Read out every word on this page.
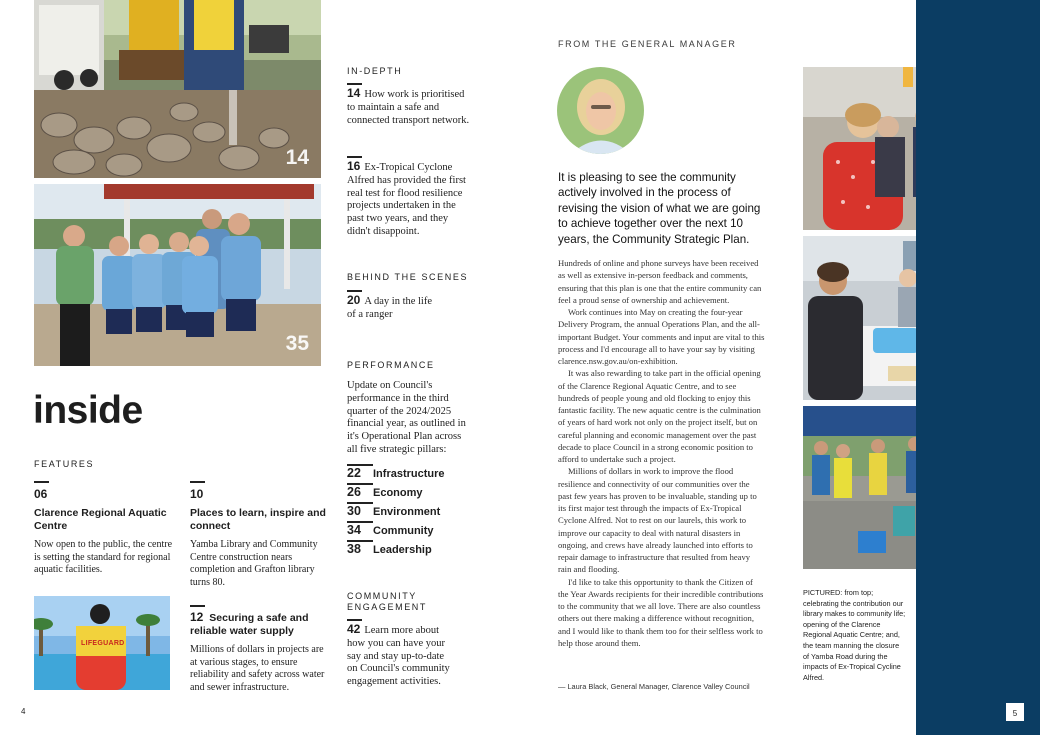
14
35
inside
FEATURES
06
Clarence Regional Aquatic Centre
Now open to the public, the centre is setting the standard for regional aquatic facilities.
10
Places to learn, inspire and connect
Yamba Library and Community Centre construction nears completion and Grafton library turns 80.
LIFEGUARD
12 Securing a safe and reliable water supply
Millions of dollars in projects are at various stages, to ensure reliability and safety across water and sewer infrastructure.
IN-DEPTH
14 How work is prioritised to maintain a safe and connected transport network.
16 Ex-Tropical Cyclone Alfred has provided the first real test for flood resilience projects undertaken in the past two years, and they didn't disappoint.
BEHIND THE SCENES
20 A day in the life of a ranger
PERFORMANCE
Update on Council's performance in the third quarter of the 2024/2025 financial year, as outlined in it's Operational Plan across all five strategic pillars:
22 Infrastructure
26 Economy
30 Environment
34 Community
38 Leadership
COMMUNITY ENGAGEMENT
42 Learn more about how you can have your say and stay up-to-date on Council's community engagement activities.
FROM THE GENERAL MANAGER
It is pleasing to see the community actively involved in the process of revising the vision of what we are going to achieve together over the next 10 years, the Community Strategic Plan.

Hundreds of online and phone surveys have been received as well as extensive in-person feedback and comments, ensuring that this plan is one that the entire community can feel a proud sense of ownership and achievement.

Work continues into May on creating the four-year Delivery Program, the annual Operations Plan, and the all-important Budget. Your comments and input are vital to this process and I'd encourage all to have your say by visiting clarence.nsw.gov.au/on-exhibition.

It was also rewarding to take part in the official opening of the Clarence Regional Aquatic Centre, and to see hundreds of people young and old flocking to enjoy this fantastic facility. The new aquatic centre is the culmination of years of hard work not only on the project itself, but on careful planning and economic management over the past decade to place Council in a strong economic position to afford to undertake such a project.

Millions of dollars in work to improve the flood resilience and connectivity of our communities over the past few years has proven to be invaluable, standing up to its first major test through the impacts of Ex-Tropical Cyclone Alfred. Not to rest on our laurels, this work to improve our capacity to deal with natural disasters in ongoing, and crews have already launched into efforts to repair damage to infrastructure that resulted from heavy rain and flooding.

I'd like to take this opportunity to thank the Citizen of the Year Awards recipients for their incredible contributions to the community that we all love. There are also countless others out there making a difference without recognition, and I would like to thank them too for their selfless work to help those around them.

— Laura Black, General Manager, Clarence Valley Council
PICTURED: from top; celebrating the contribution our library makes to community life; opening of the Clarence Regional Aquatic Centre; and, the team manning the closure of Yamba Road during the impacts of Ex-Tropical Cycline Alfred.
4	5
